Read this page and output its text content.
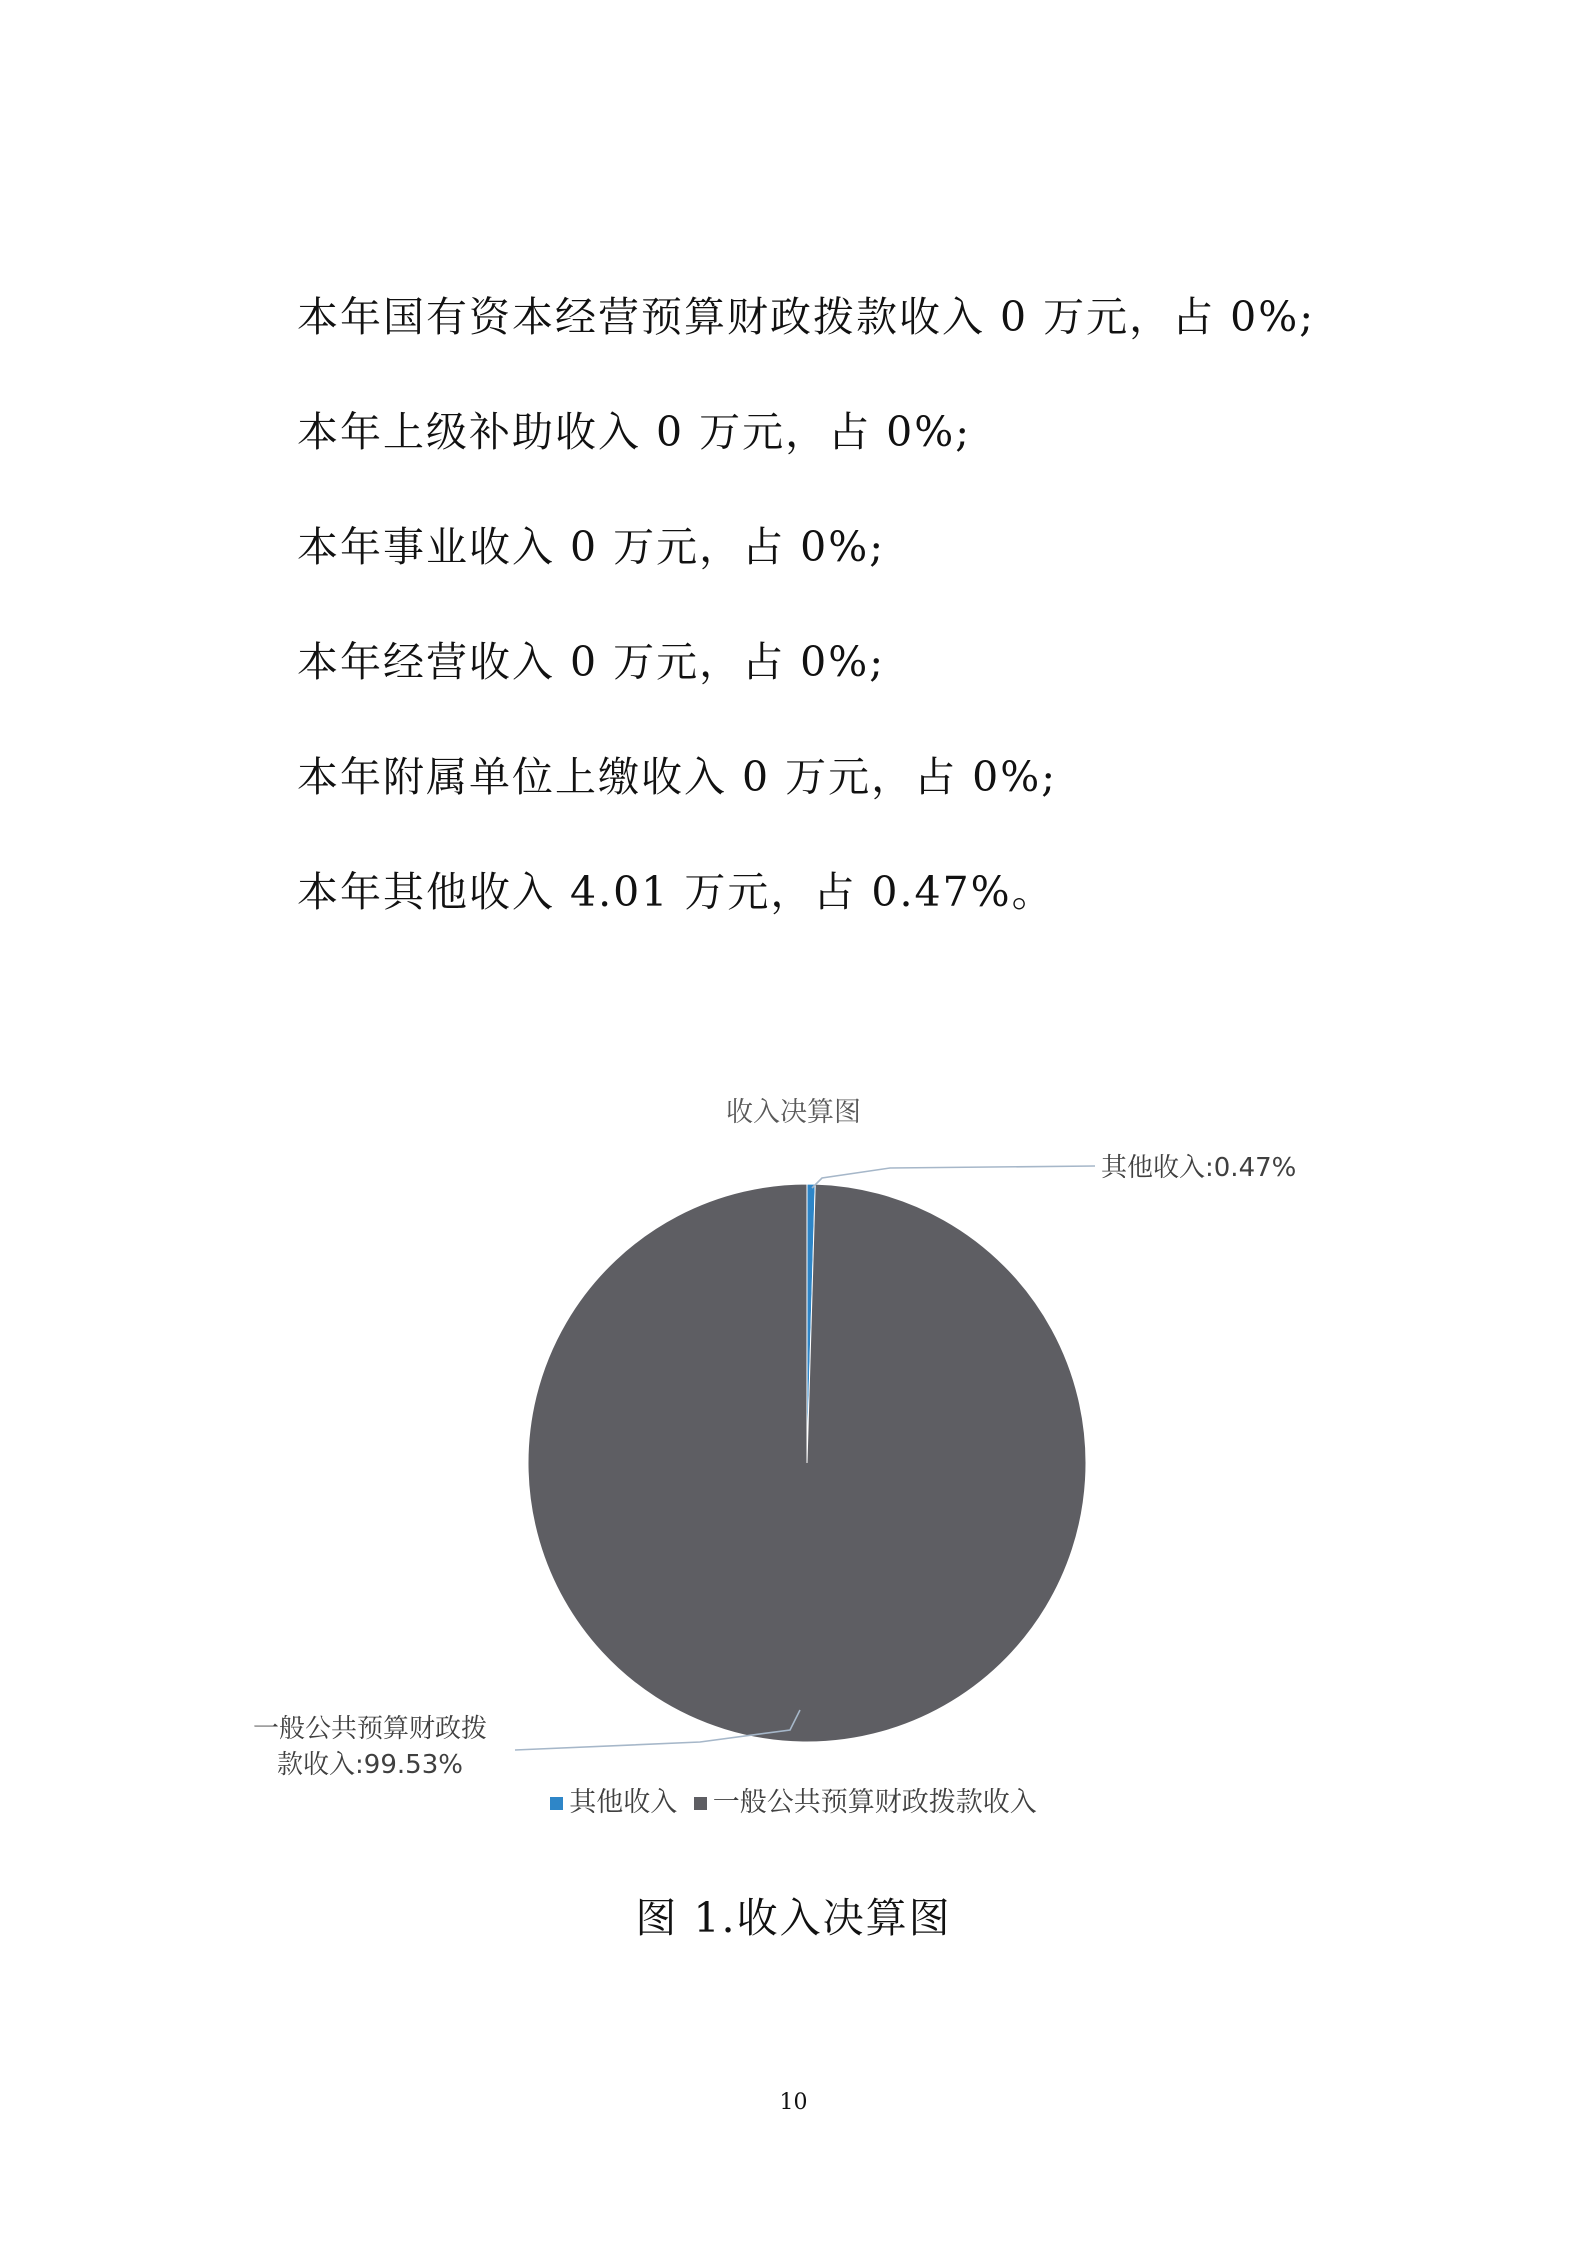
本年国有资本经营预算财政拨款收入 0 万元，占 0%;

本年上级补助收入 0 万元，占 0%;

本年事业收入 0 万元，占 0%;

本年经营收入 0 万元，占 0%;

本年附属单位上缴收入 0 万元，占 0%;

本年其他收入 4.01 万元，占 0.47%。

收入决算图
其他收入:0.47%
一般公共预算财政拨
款收入:99.53%
其他收入 一般公共预算财政拨款收入
图 1.收入决算图
10
